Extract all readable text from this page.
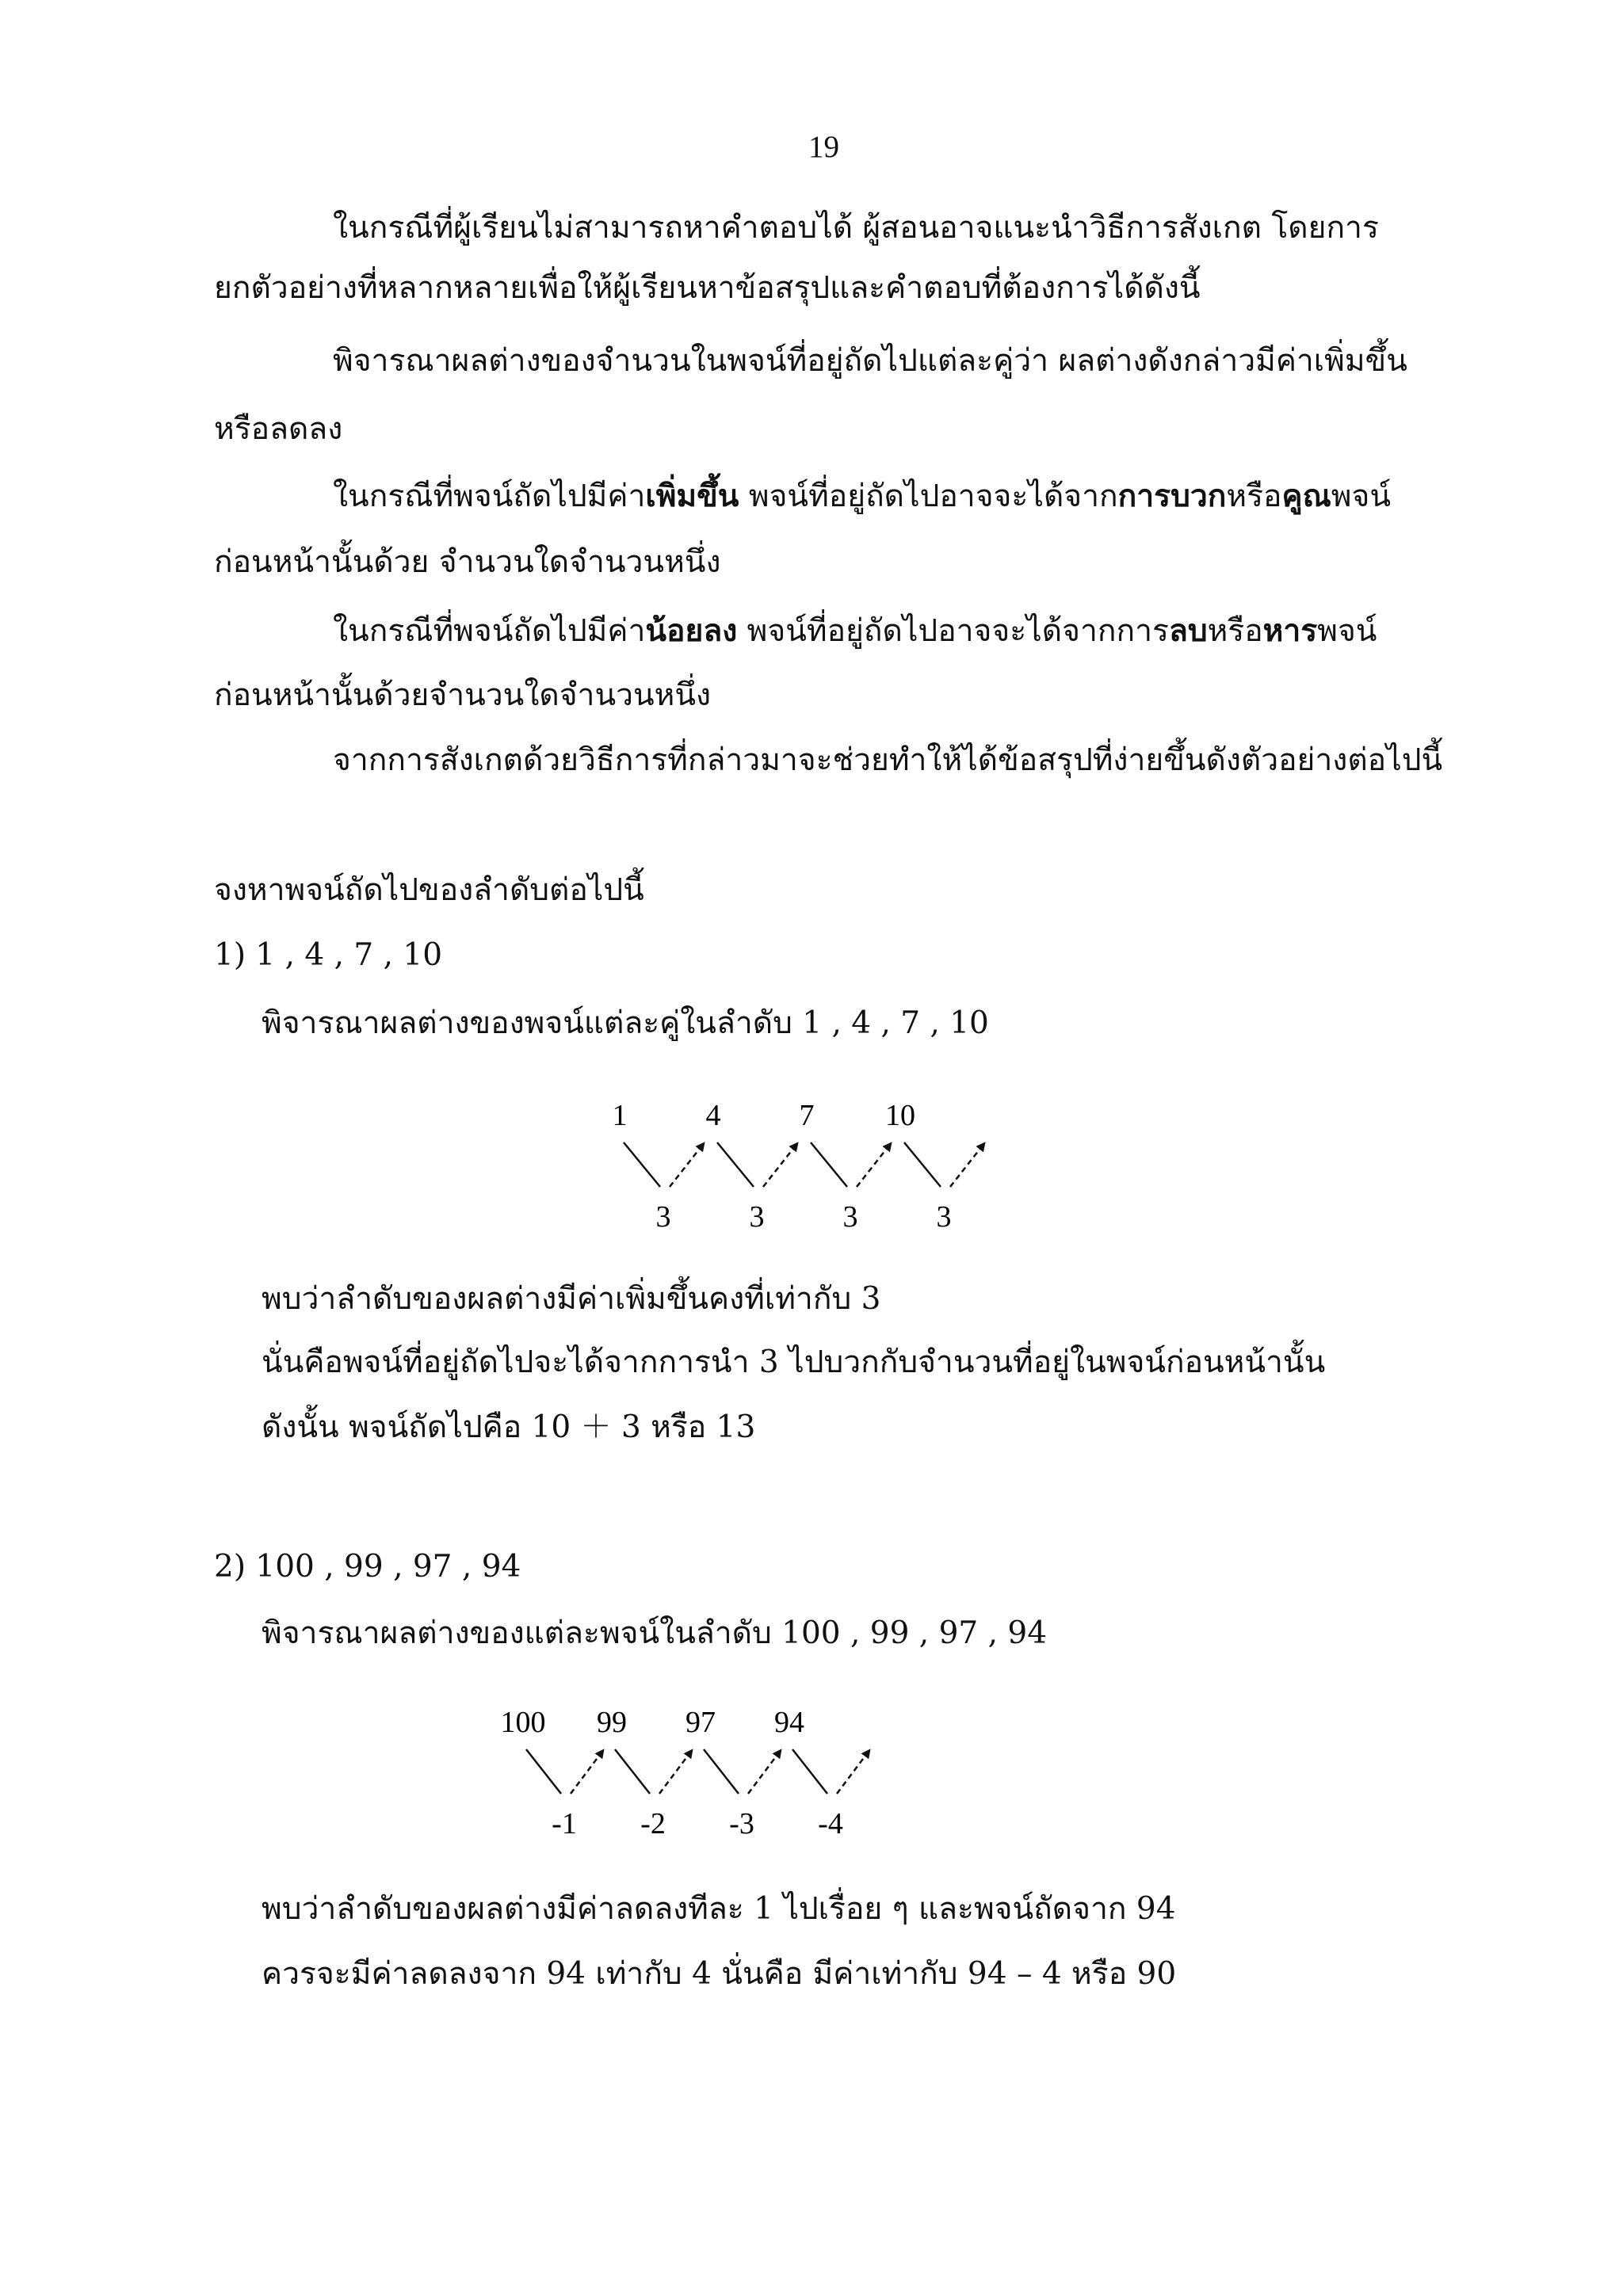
19
ในกรณีที่ผู้เรียนไม่สามารถหาคำตอบได้ ผู้สอนอาจแนะนำวิธีการสังเกต โดยการ
ยกตัวอย่างที่หลากหลายเพื่อให้ผู้เรียนหาข้อสรุปและคำตอบที่ต้องการได้ดังนี้
พิจารณาผลต่างของจำนวนในพจน์ที่อยู่ถัดไปแต่ละคู่ว่า ผลต่างดังกล่าวมีค่าเพิ่มขึ้น
หรือลดลง
ในกรณีที่พจน์ถัดไปมีค่าเพิ่มขึ้น พจน์ที่อยู่ถัดไปอาจจะได้จากการบวกหรือคูณพจน์
ก่อนหน้านั้นด้วย จำนวนใดจำนวนหนึ่ง
ในกรณีที่พจน์ถัดไปมีค่าน้อยลง พจน์ที่อยู่ถัดไปอาจจะได้จากการลบหรือหารพจน์
ก่อนหน้านั้นด้วยจำนวนใดจำนวนหนึ่ง
จากการสังเกตด้วยวิธีการที่กล่าวมาจะช่วยทำให้ได้ข้อสรุปที่ง่ายขึ้นดังตัวอย่างต่อไปนี้
จงหาพจน์ถัดไปของลำดับต่อไปนี้
1) 1 , 4 , 7 , 10
พิจารณาผลต่างของพจน์แต่ละคู่ในลำดับ 1 , 4 , 7 , 10
1	4	7 10
3	3	3	3
พบว่าลำดับของผลต่างมีค่าเพิ่มขึ้นคงที่เท่ากับ 3
นั่นคือพจน์ที่อยู่ถัดไปจะได้จากการนำ 3 ไปบวกกับจำนวนที่อยู่ในพจน์ก่อนหน้านั้น
ดังนั้น พจน์ถัดไปคือ 10 ＋ 3 หรือ 13
2) 100 , 99 , 97 , 94
พิจารณาผลต่างของแต่ละพจน์ในลำดับ 100 , 99 , 97 , 94
100 99 97 94
-1 -2 -3 -4
พบว่าลำดับของผลต่างมีค่าลดลงทีละ 1 ไปเรื่อย ๆ และพจน์ถัดจาก 94
ควรจะมีค่าลดลงจาก 94 เท่ากับ 4 นั่นคือ มีค่าเท่ากับ 94 – 4 หรือ 90
